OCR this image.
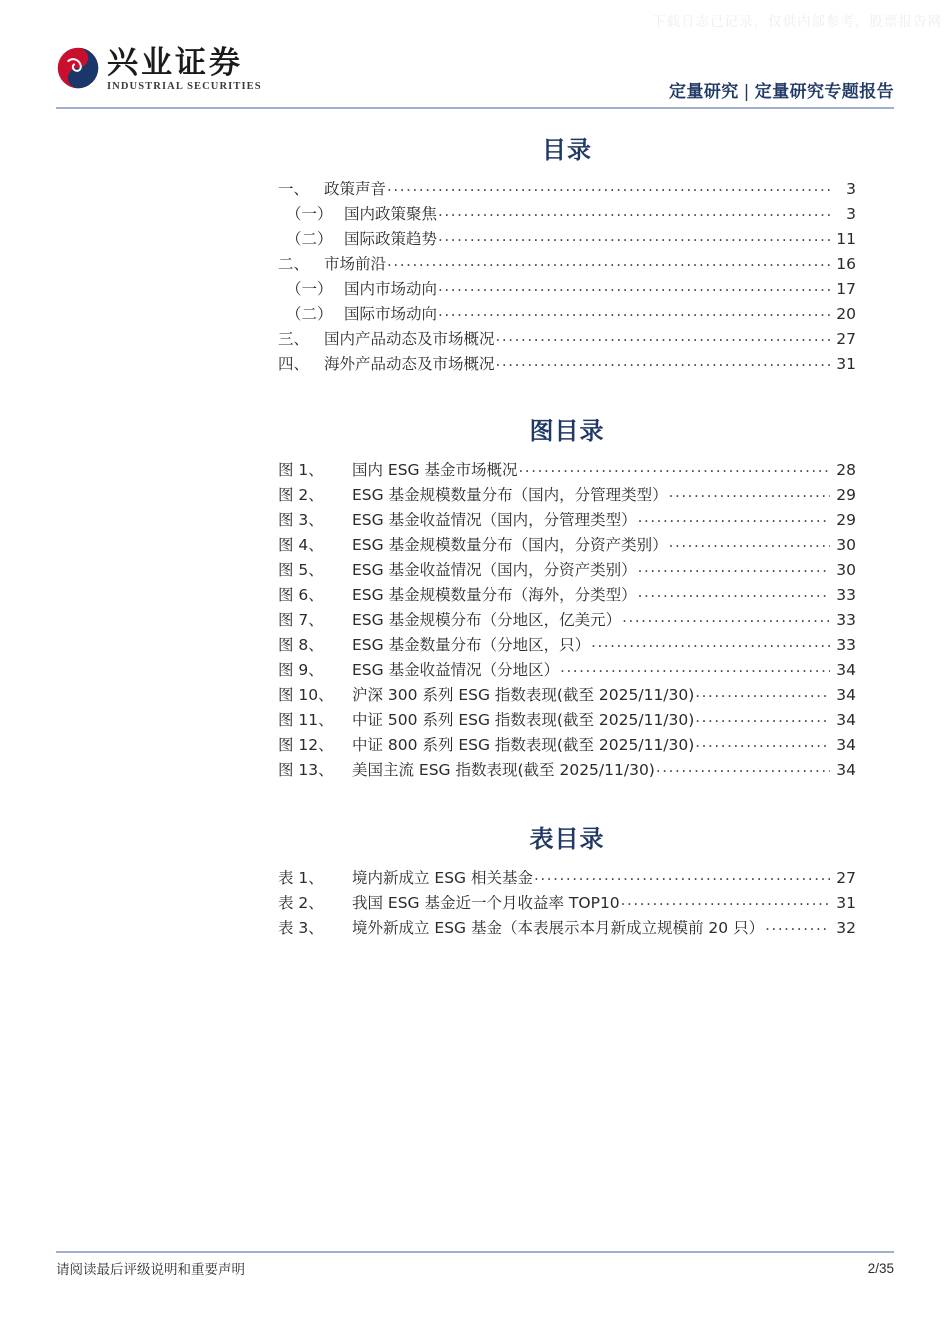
下载日志已记录，仅供内部参考，股票报告网
兴业证券
INDUSTRIAL SECURITIES	定量研究 | 定量研究专题报告
目录
一、 政策声音 .....	3
（一） 国内政策聚焦 .....	3
（二） 国际政策趋势 .....	11
二、 市场前沿 .....	16
（一） 国内市场动向 .....	17
（二） 国际市场动向 .....	20
三、 国内产品动态及市场概况 .....	27
四、 海外产品动态及市场概况 .....	31
图目录
图 1、	国内 ESG 基金市场概况 .....	28
图 2、	ESG 基金规模数量分布（国内，分管理类型） .....	29
图 3、	ESG 基金收益情况（国内，分管理类型） .....	29
图 4、	ESG 基金规模数量分布（国内，分资产类别） .....	30
图 5、	ESG 基金收益情况（国内，分资产类别） .....	30
图 6、	ESG 基金规模数量分布（海外，分类型） .....	33
图 7、	ESG 基金规模分布（分地区，亿美元） .....	33
图 8、	ESG 基金数量分布（分地区，只） .....	33
图 9、	ESG 基金收益情况（分地区） .....	34
图 10、	沪深 300 系列 ESG 指数表现(截至 2025/11/30) .....	34
图 11、	中证 500 系列 ESG 指数表现(截至 2025/11/30) .....	34
图 12、	中证 800 系列 ESG 指数表现(截至 2025/11/30) .....	34
图 13、	美国主流 ESG 指数表现(截至 2025/11/30) .....	34
表目录
表 1、	境内新成立 ESG 相关基金 .....	27
表 2、	我国 ESG 基金近一个月收益率 TOP10 .....	31
表 3、	境外新成立 ESG 基金（本表展示本月新成立规模前 20 只） .....	32
请阅读最后评级说明和重要声明	2/35
